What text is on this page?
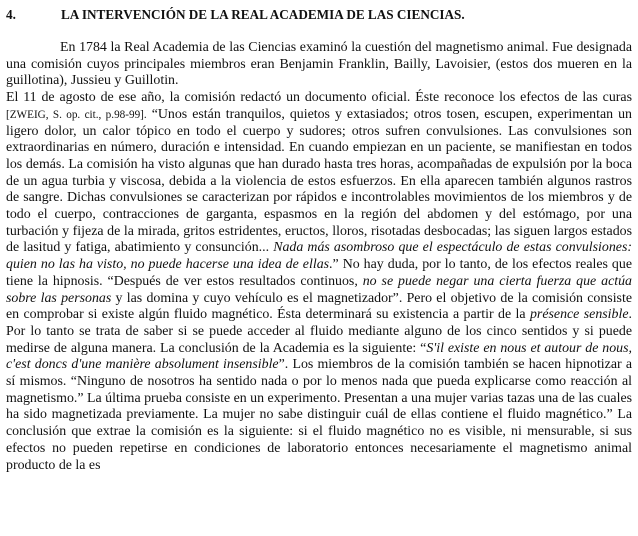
4.	LA INTERVENCIÓN DE LA REAL ACADEMIA DE LAS CIENCIAS.

En 1784 la Real Academia de las Ciencias examinó la cuestión del magnetismo animal. Fue designada una comisión cuyos principales miembros eran Benjamin Franklin, Bailly, Lavoisier, (estos dos mueren en la guillotina), Jussieu y Guillotin.

El 11 de agosto de ese año, la comisión redactó un documento oficial. Éste reconoce los efectos de las curas [ZWEIG, S. op. cit., p.98-99]. “Unos están tranquilos, quietos y extasiados; otros tosen, escupen, experimentan un ligero dolor, un calor tópico en todo el cuerpo y sudores; otros sufren convulsiones. Las convulsiones son extraordinarias en número, duración e intensidad. En cuando empiezan en un paciente, se manifiestan en todos los demás. La comisión ha visto algunas que han durado hasta tres horas, acompañadas de expulsión por la boca de un agua turbia y viscosa, debida a la violencia de estos esfuerzos. En ella aparecen también algunos rastros de sangre. Dichas convulsiones se caracterizan por rápidos e incontrolables movimientos de los miembros y de todo el cuerpo, contracciones de garganta, espasmos en la región del abdomen y del estómago, por una turbación y fijeza de la mirada, gritos estridentes, eructos, lloros, risotadas desbocadas; las siguen largos estados de lasitud y fatiga, abatimiento y consunción... Nada más asombroso que el espectáculo de estas convulsiones: quien no las ha visto, no puede hacerse una idea de ellas.” No hay duda, por lo tanto, de los efectos reales que tiene la hipnosis. “Después de ver estos resultados continuos, no se puede negar una cierta fuerza que actúa sobre las personas y las domina y cuyo vehículo es el magnetizador”. Pero el objetivo de la comisión consiste en comprobar si existe algún fluido magnético. Ésta determinará su existencia a partir de la présence sensible. Por lo tanto se trata de saber si se puede acceder al fluido mediante alguno de los cinco sentidos y si puede medirse de alguna manera. La conclusión de la Academia es la siguiente: “S'il existe en nous et autour de nous, c'est doncs d'une manière absolument insensible”. Los miembros de la comisión también se hacen hipnotizar a sí mismos. “Ninguno de nosotros ha sentido nada o por lo menos nada que pueda explicarse como reacción al magnetismo.” La última prueba consiste en un experimento. Presentan a una mujer varias tazas una de las cuales ha sido magnetizada previamente. La mujer no sabe distinguir cuál de ellas contiene el fluido magnético.” La conclusión que extrae la comisión es la siguiente: si el fluido magnético no es visible, ni mensurable, si sus efectos no pueden repetirse en condiciones de laboratorio entonces necesariamente el magnetismo animal producto de la es
